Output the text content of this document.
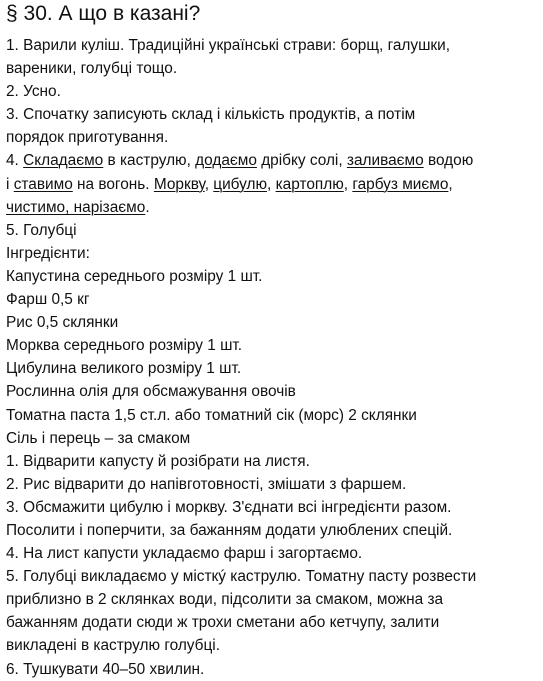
§ 30. А що в казані?
1. Варили куліш. Традиційні українські страви: борщ, галушки,
вареники, голубці тощо.
2. Усно.
3. Спочатку записують склад і кількість продуктів, а потім
порядок приготування.
4. Складаємо в каструлю, додаємо дрібку солі, заливаємо водою
і ставимо на вогонь. Моркву, цибулю, картоплю, гарбуз миємо,
чистимо, нарізаємо.
5. Голубці
Інгредієнти:
Капустина середнього розміру 1 шт.
Фарш 0,5 кг
Рис 0,5 склянки
Морква середнього розміру 1 шт.
Цибулина великого розміру 1 шт.
Рослинна олія для обсмажування овочів
Томатна паста 1,5 ст.л. або томатний сік (морс) 2 склянки
Сіль і перець – за смаком
1. Відварити капусту й розібрати на листя.
2. Рис відварити до напівготовності, змішати з фаршем.
3. Обсмажити цибулю і моркву. З'єднати всі інгредієнти разом.
Посолити і поперчити, за бажанням додати улюблених спецій.
4. На лист капусти укладаємо фарш і загортаємо.
5. Голубці викладаємо у місткý каструлю. Томатну пасту розвести
приблизно в 2 склянках води, підсолити за смаком, можна за
бажанням додати сюди ж трохи сметани або кетчупу, залити
викладені в каструлю голубці.
6. Тушкувати 40–50 хвилин.
